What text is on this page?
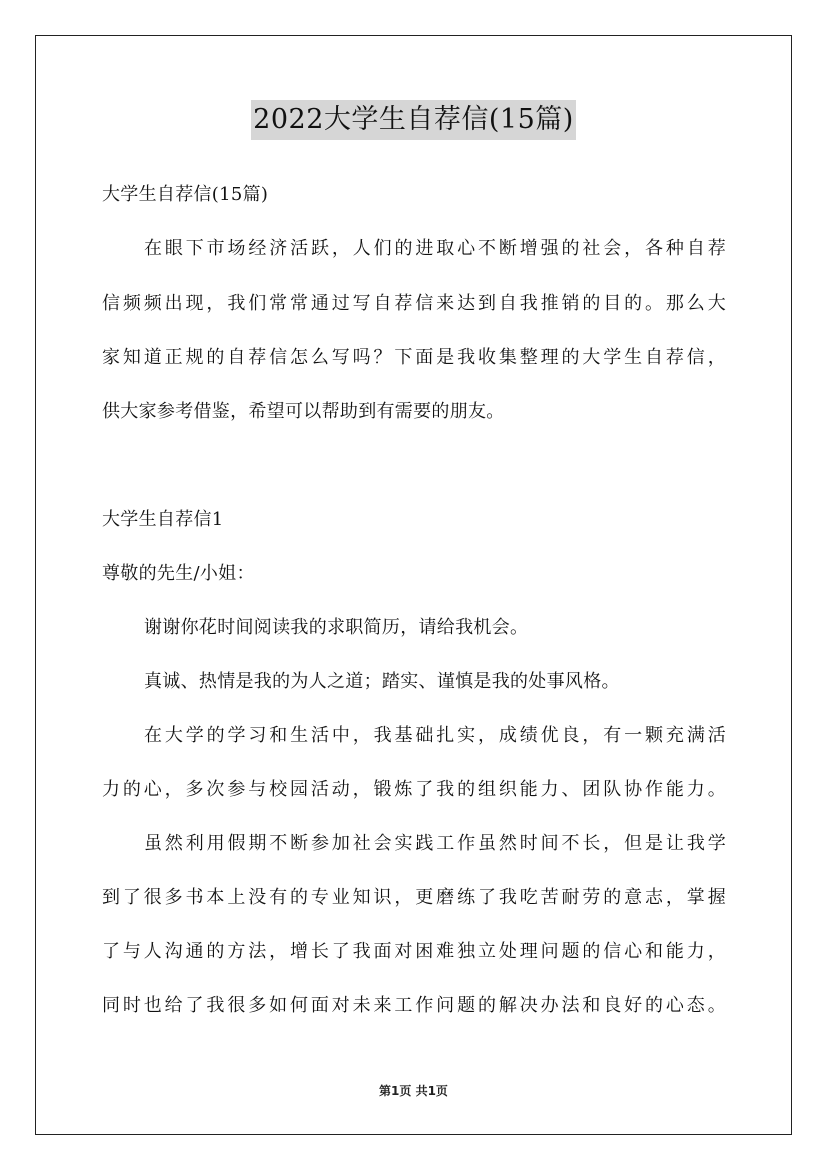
2022大学生自荐信(15篇)
大学生自荐信(15篇)
在眼下市场经济活跃，人们的进取心不断增强的社会，各种自荐
信频频出现，我们常常通过写自荐信来达到自我推销的目的。那么大
家知道正规的自荐信怎么写吗？下面是我收集整理的大学生自荐信，
供大家参考借鉴，希望可以帮助到有需要的朋友。
大学生自荐信1
尊敬的先生/小姐：
谢谢你花时间阅读我的求职简历，请给我机会。
真诚、热情是我的为人之道；踏实、谨慎是我的处事风格。
在大学的学习和生活中，我基础扎实，成绩优良，有一颗充满活
力的心，多次参与校园活动，锻炼了我的组织能力、团队协作能力。
虽然利用假期不断参加社会实践工作虽然时间不长，但是让我学
到了很多书本上没有的专业知识，更磨练了我吃苦耐劳的意志，掌握
了与人沟通的方法，增长了我面对困难独立处理问题的信心和能力，
同时也给了我很多如何面对未来工作问题的解决办法和良好的心态。
第1页 共1页
